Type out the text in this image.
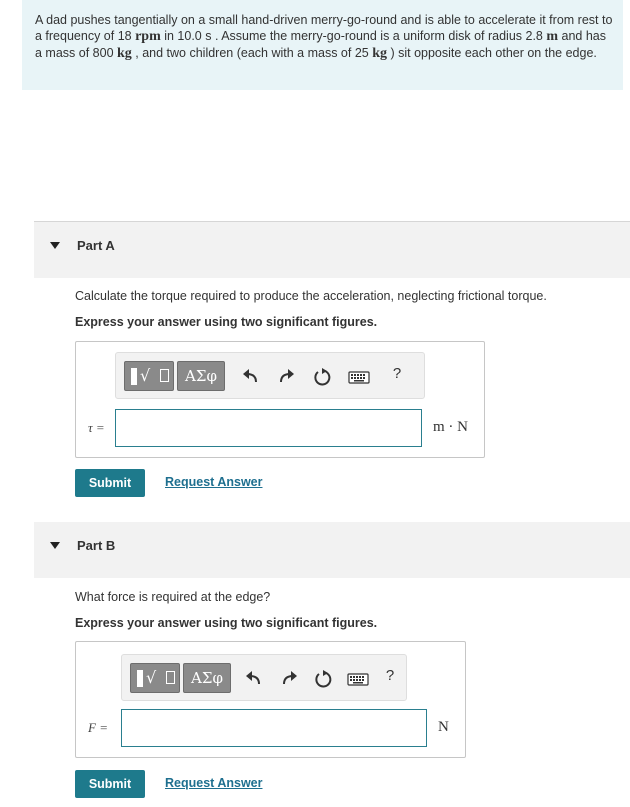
A dad pushes tangentially on a small hand-driven merry-go-round and is able to accelerate it from rest to a frequency of 18 rpm in 10.0 s . Assume the merry-go-round is a uniform disk of radius 2.8 m and has a mass of 800 kg , and two children (each with a mass of 25 kg ) sit opposite each other on the edge.
Part A
Calculate the torque required to produce the acceleration, neglecting frictional torque.
Express your answer using two significant figures.
√	ΑΣφ	?
τ =	m · N
Submit	Request Answer
Part B
What force is required at the edge?
Express your answer using two significant figures.
√	ΑΣφ	?
F =	N
Submit	Request Answer
